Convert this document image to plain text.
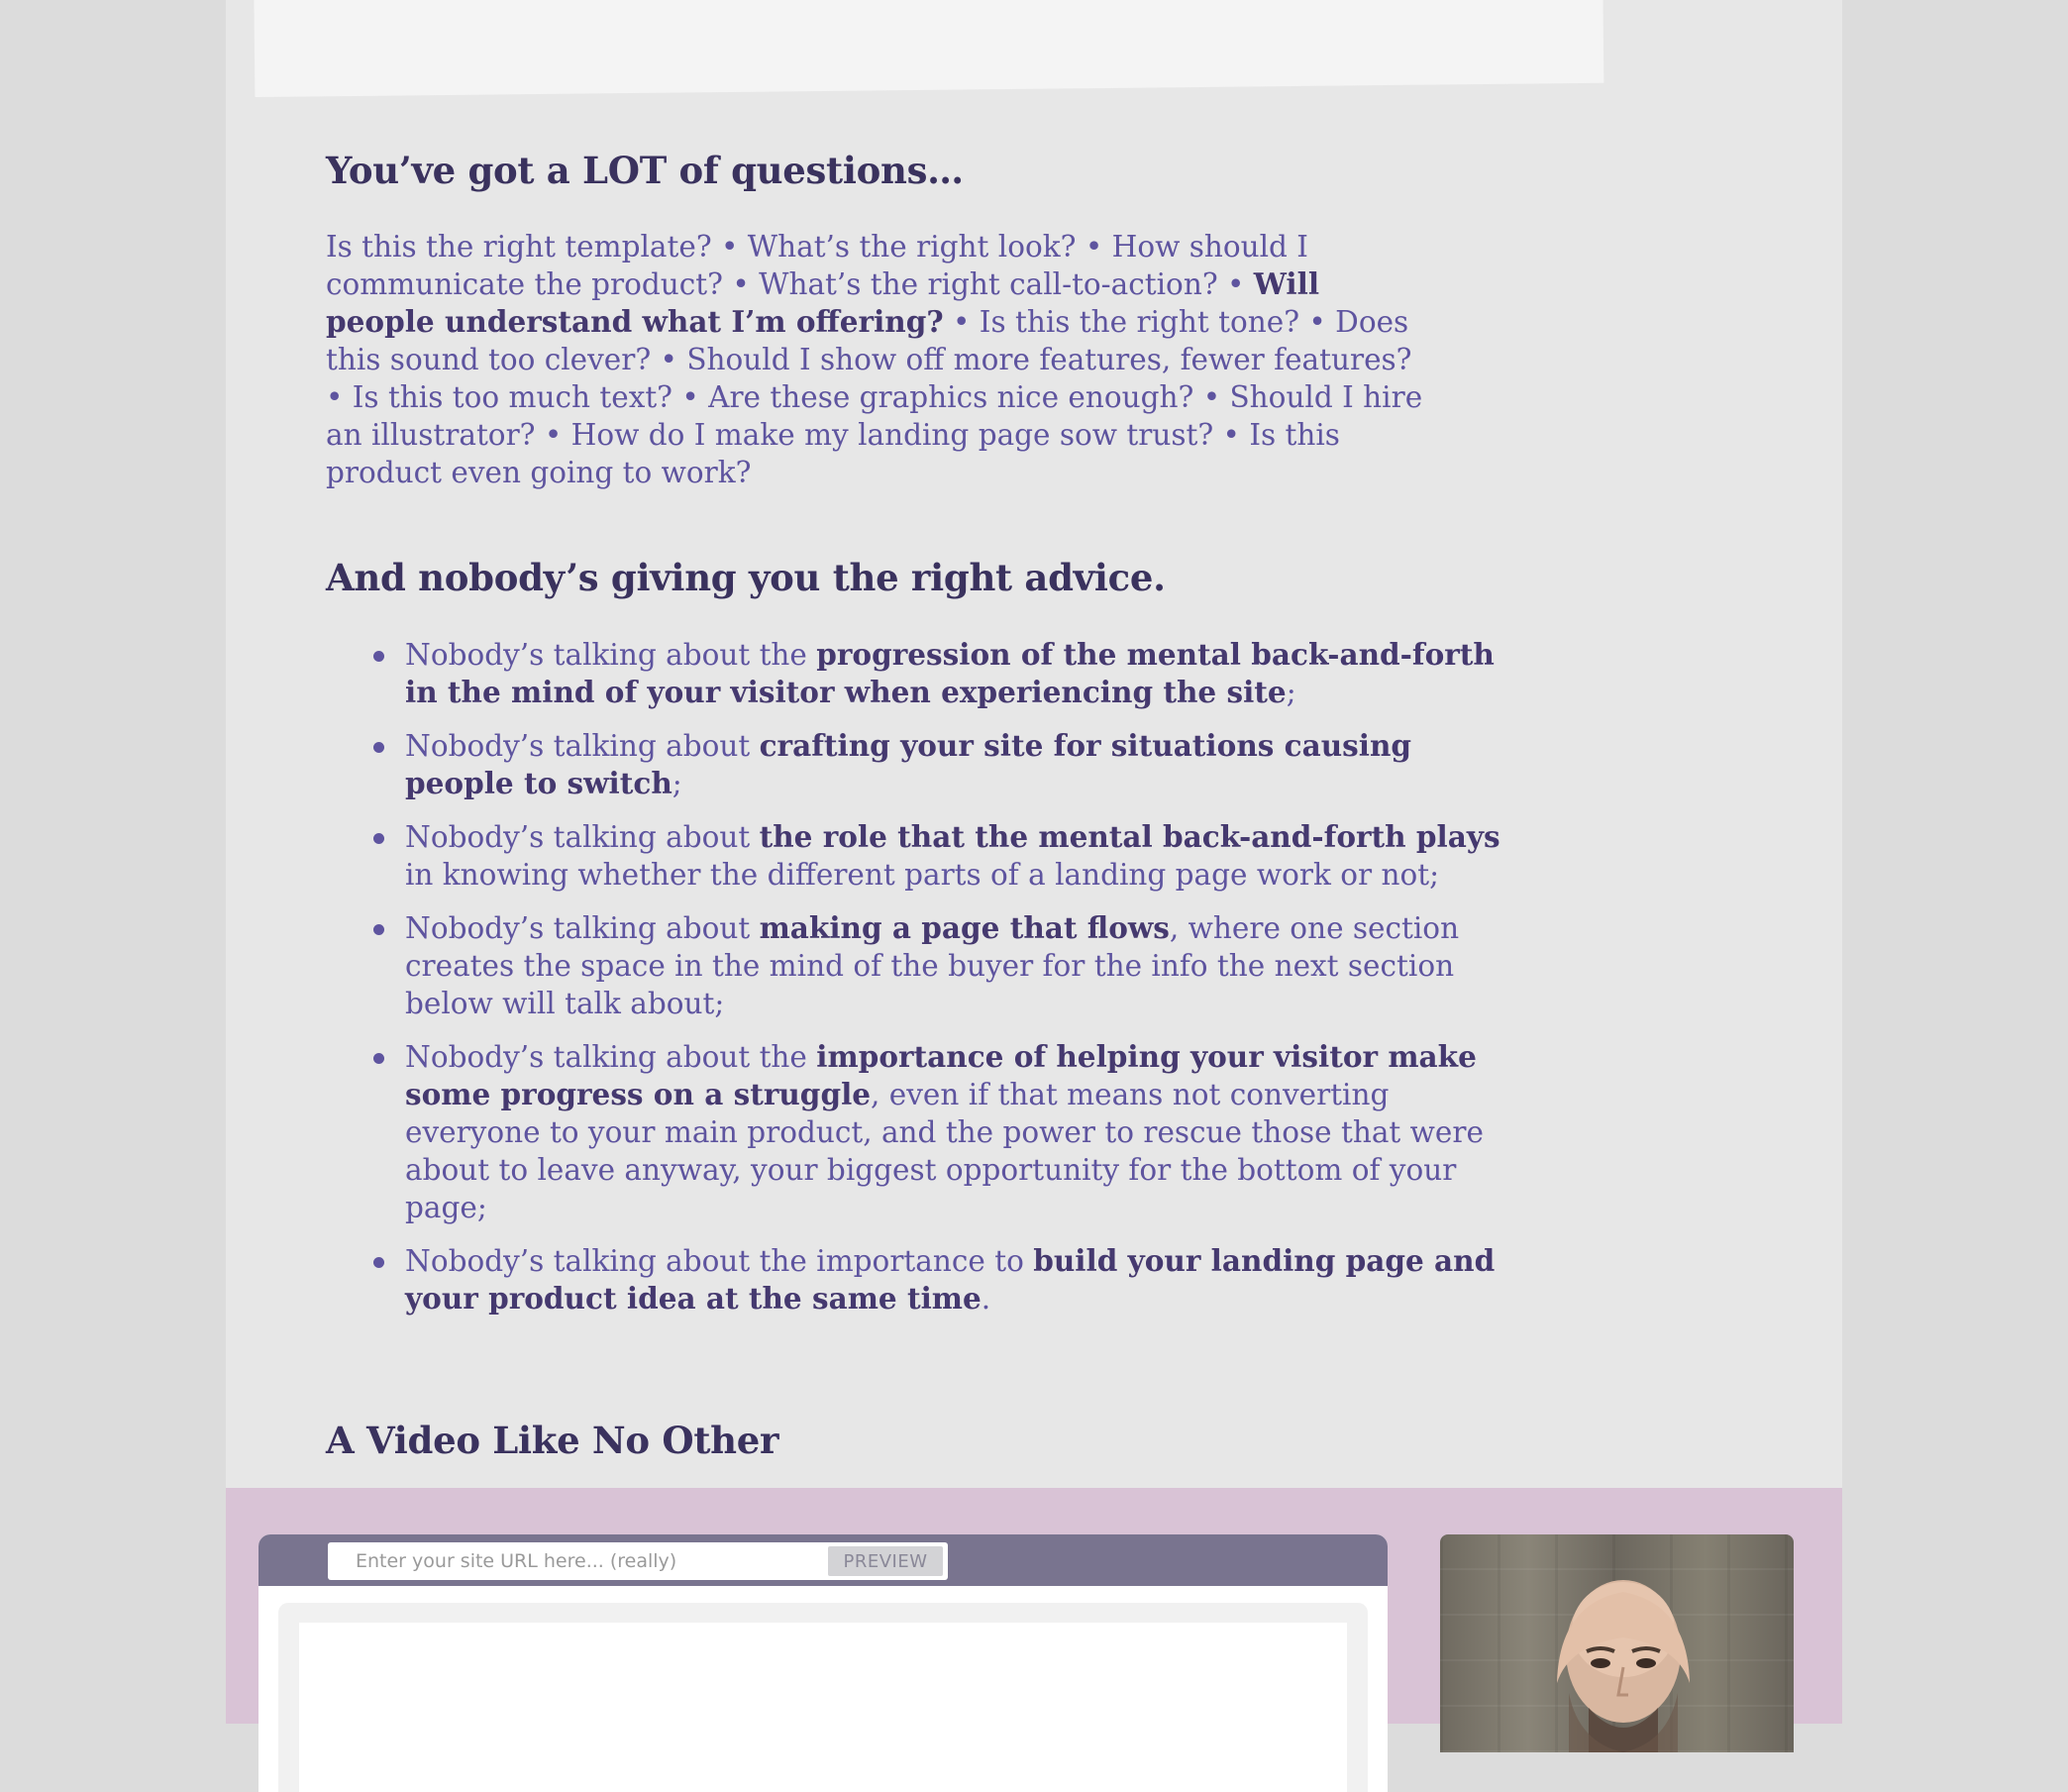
You’ve got a LOT of questions…

Is this the right template? • What’s the right look? • How should I communicate the product? • What’s the right call-to-action? • Will people understand what I’m offering? • Is this the right tone? • Does this sound too clever? • Should I show off more features, fewer features? • Is this too much text? • Are these graphics nice enough? • Should I hire an illustrator? • How do I make my landing page sow trust? • Is this product even going to work?

And nobody’s giving you the right advice.
Nobody’s talking about the progression of the mental back-and-forth in the mind of your visitor when experiencing the site;
Nobody’s talking about crafting your site for situations causing people to switch;
Nobody’s talking about the role that the mental back-and-forth plays in knowing whether the different parts of a landing page work or not;
Nobody’s talking about making a page that flows, where one section creates the space in the mind of the buyer for the info the next section below will talk about;
Nobody’s talking about the importance of helping your visitor make some progress on a struggle, even if that means not converting everyone to your main product, and the power to rescue those that were about to leave anyway, your biggest opportunity for the bottom of your page;
Nobody’s talking about the importance to build your landing page and your product idea at the same time.
A Video Like No Other
Enter your site URL here... (really)
PREVIEW
